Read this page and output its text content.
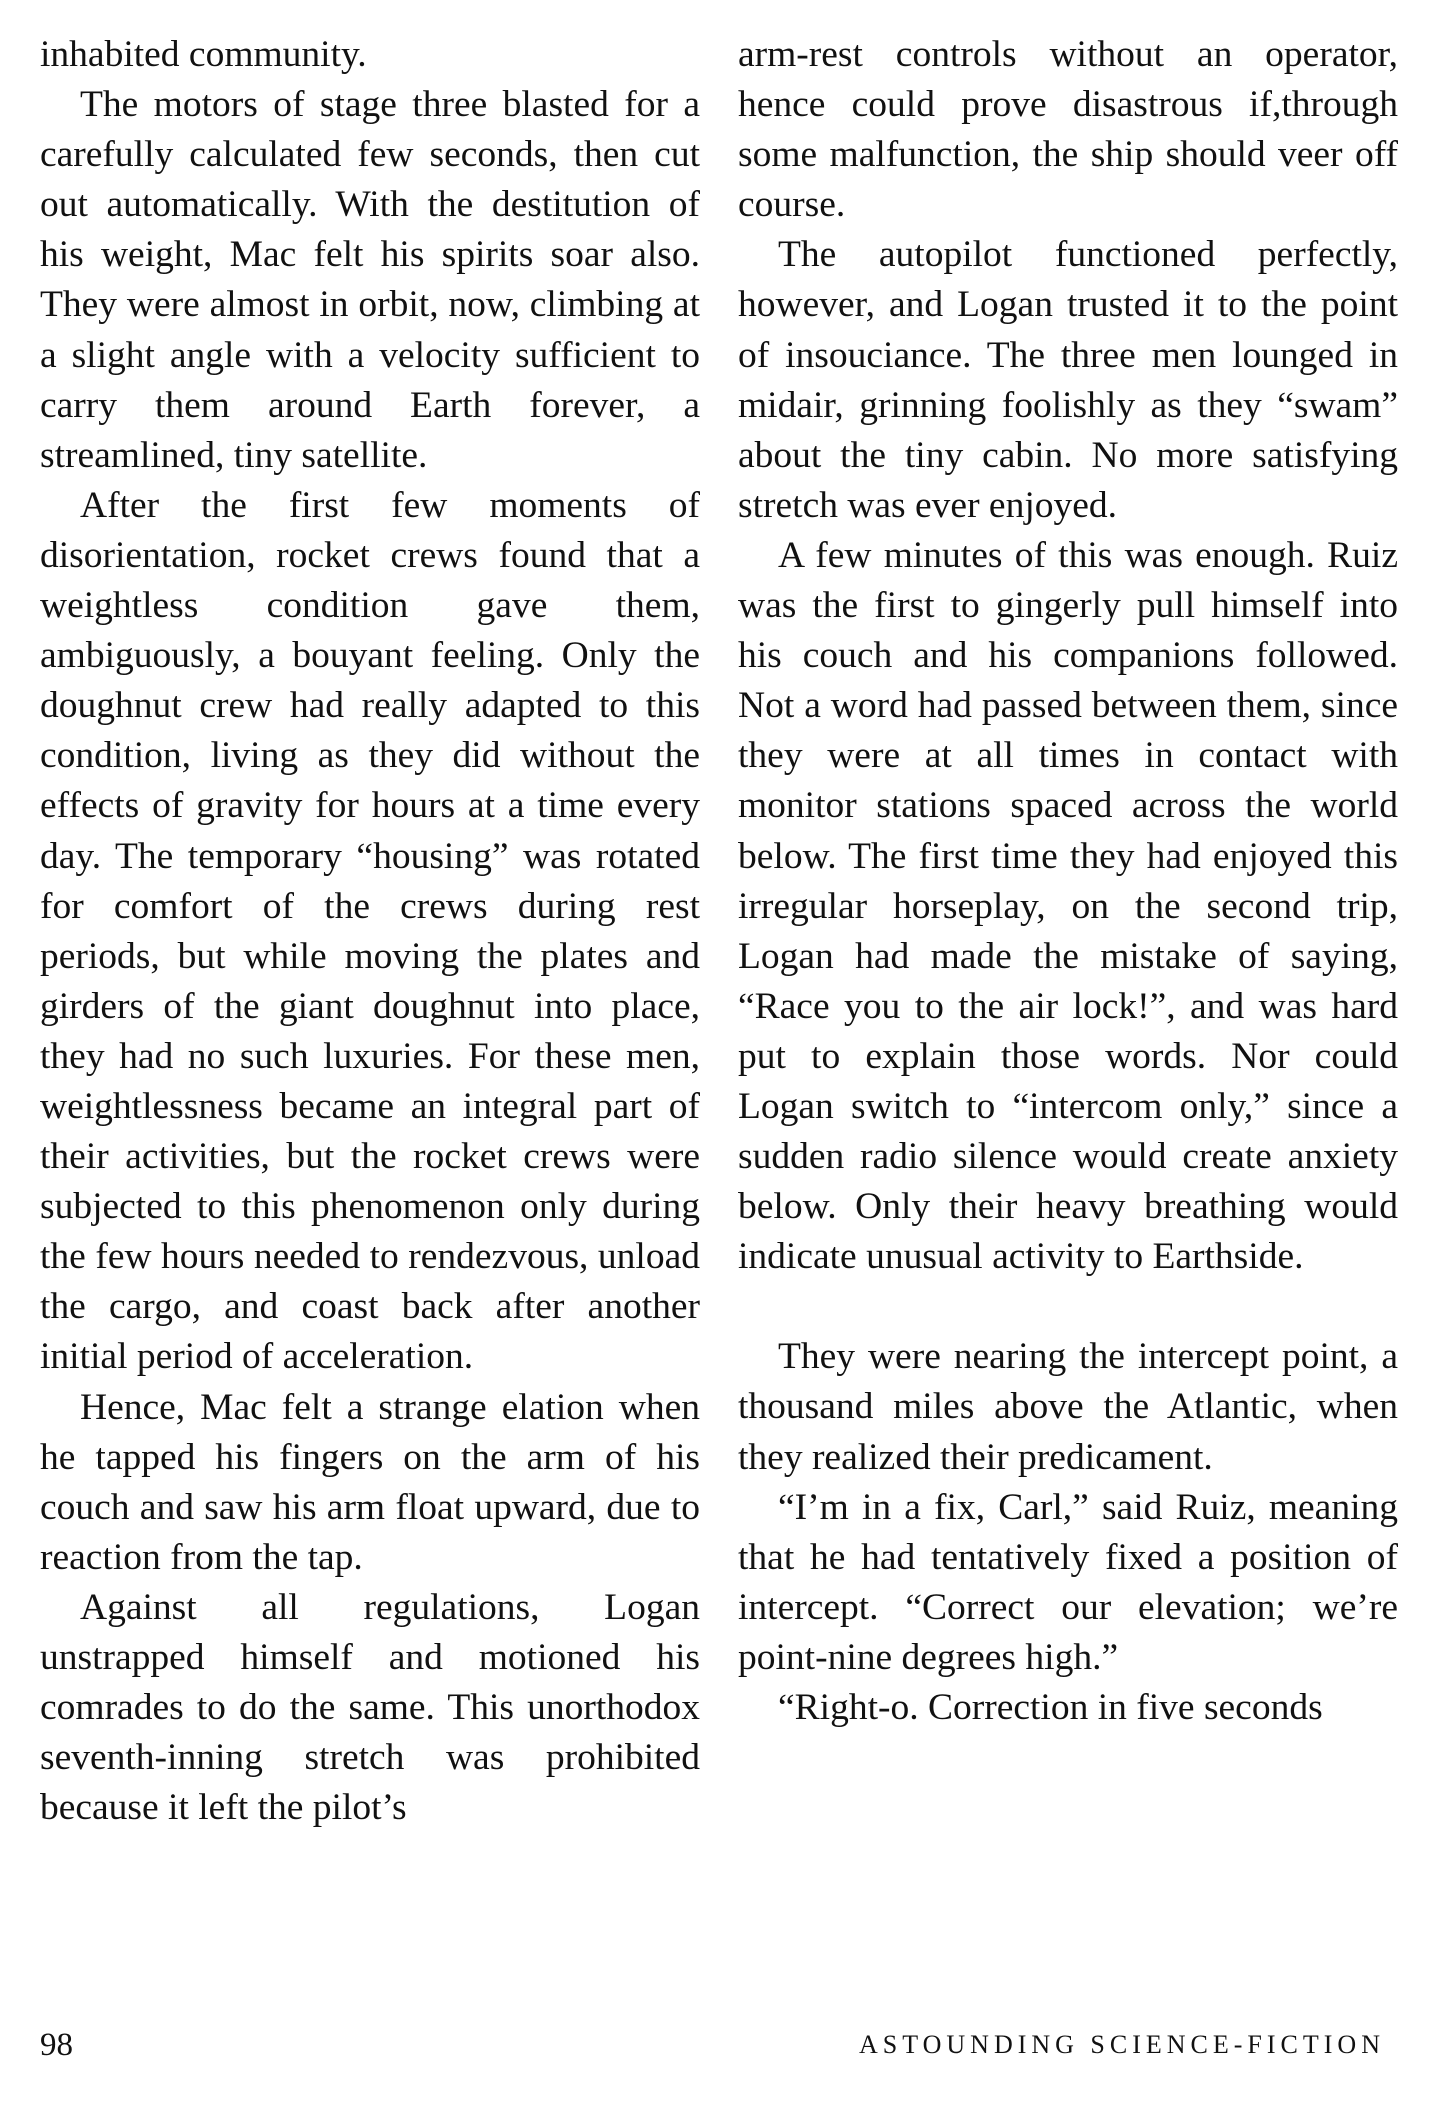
inhabited community.

The motors of stage three blasted for a carefully calculated few seconds, then cut out automatically. With the destitution of his weight, Mac felt his spirits soar also. They were almost in orbit, now, climbing at a slight angle with a velocity sufficient to carry them around Earth forever, a streamlined, tiny satellite.

After the first few moments of disorientation, rocket crews found that a weightless condition gave them, ambiguously, a bouyant feeling. Only the doughnut crew had really adapted to this condition, living as they did without the effects of gravity for hours at a time every day. The temporary “housing” was rotated for comfort of the crews during rest periods, but while moving the plates and girders of the giant doughnut into place, they had no such luxuries. For these men, weightlessness became an integral part of their activities, but the rocket crews were subjected to this phenomenon only during the few hours needed to rendezvous, unload the cargo, and coast back after another initial period of acceleration.

Hence, Mac felt a strange elation when he tapped his fingers on the arm of his couch and saw his arm float upward, due to reaction from the tap.

Against all regulations, Logan unstrapped himself and motioned his comrades to do the same. This unorthodox seventh-inning stretch was prohibited because it left the pilot’s

arm-rest controls without an operator, hence could prove disastrous if,through some malfunction, the ship should veer off course.

The autopilot functioned perfectly, however, and Logan trusted it to the point of insouciance. The three men lounged in midair, grinning foolishly as they “swam” about the tiny cabin. No more satisfying stretch was ever enjoyed.

A few minutes of this was enough. Ruiz was the first to gingerly pull himself into his couch and his companions followed. Not a word had passed between them, since they were at all times in contact with monitor stations spaced across the world below. The first time they had enjoyed this irregular horseplay, on the second trip, Logan had made the mistake of saying, “Race you to the air lock!”, and was hard put to explain those words. Nor could Logan switch to “intercom only,” since a sudden radio silence would create anxiety below. Only their heavy breathing would indicate unusual activity to Earthside.

They were nearing the intercept point, a thousand miles above the Atlantic, when they realized their predicament.

“I’m in a fix, Carl,” said Ruiz, meaning that he had tentatively fixed a position of intercept. “Correct our elevation; we’re point-nine degrees high.”

“Right-o. Correction in five seconds

98	ASTOUNDING SCIENCE-FICTION
